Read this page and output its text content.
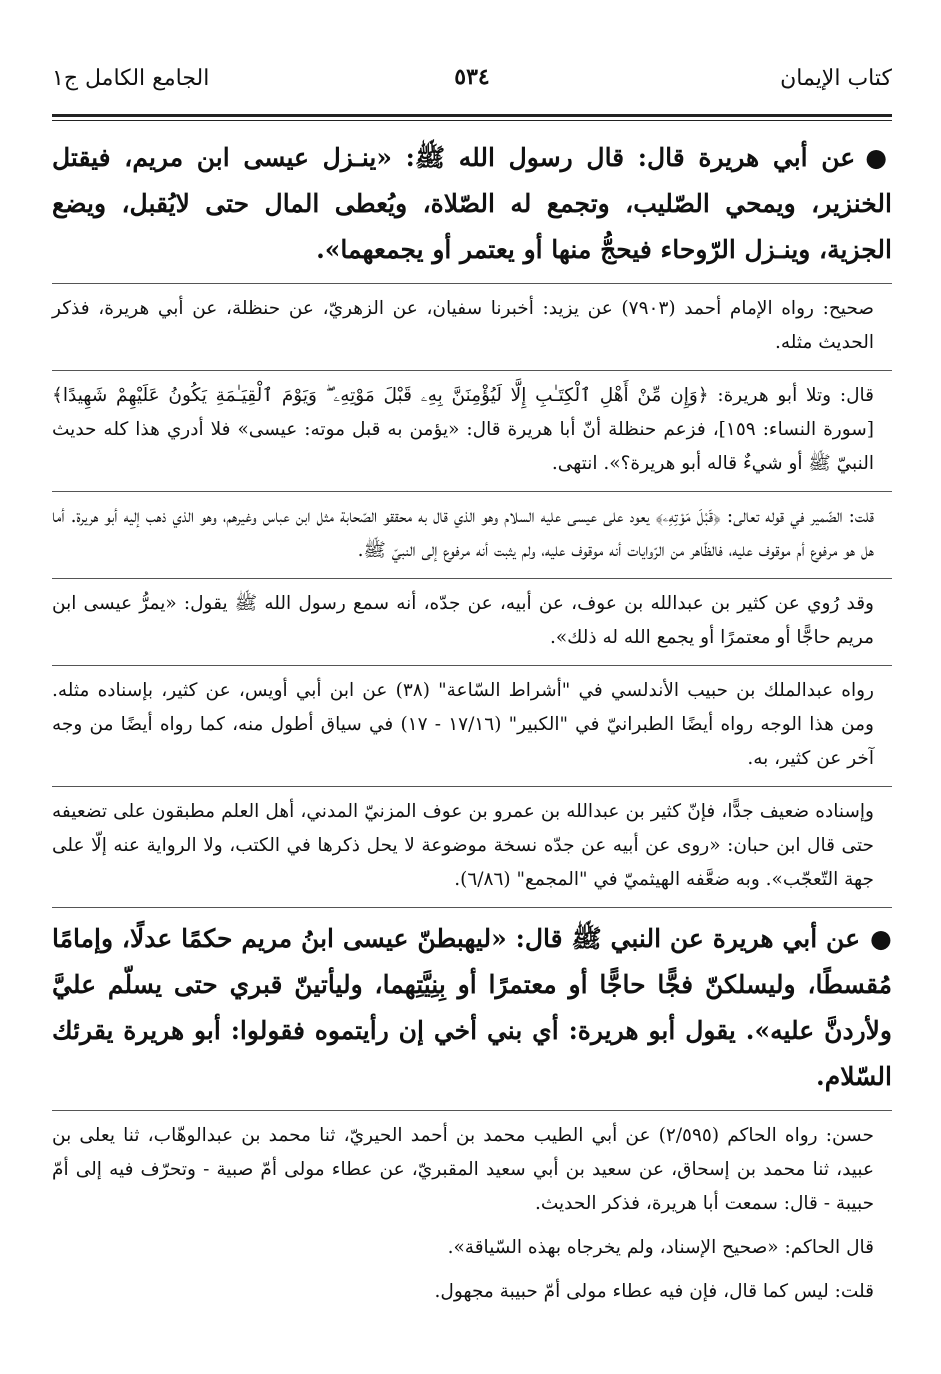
كتاب الإيمان
٥٣٤
الجامع الكامل ج١

●عن أبي هريرة قال: قال رسول الله ﷺ: «ينـزل عيسى ابن مريم، فيقتل الخنزير، ويمحي الصّليب، وتجمع له الصّلاة، ويُعطى المال حتى لايُقبل، ويضع الجزية، وينـزل الرّوحاء فيحجُّ منها أو يعتمر أو يجمعهما».

صحيح: رواه الإمام أحمد (٧٩٠٣) عن يزيد: أخبرنا سفيان، عن الزهريّ، عن حنظلة، عن أبي هريرة، فذكر الحديث مثله.

قال: وتلا أبو هريرة: ﴿وَإِن مِّنْ أَهْلِ ٱلْكِتَـٰبِ إِلَّا لَيُؤْمِنَنَّ بِهِۦ قَبْلَ مَوْتِهِۦ ۖ وَيَوْمَ ٱلْقِيَـٰمَةِ يَكُونُ عَلَيْهِمْ شَهِيدًا﴾ [سورة النساء: ١٥٩]، فزعم حنظلة أنّ أبا هريرة قال: «يؤمن به قبل موته: عيسى» فلا أدري هذا كله حديث النبيّ ﷺ أو شيءٌ قاله أبو هريرة؟». انتهى.

قلت: الضّمير في قوله تعالى: ﴿قَبْلَ مَوْتِهِۦ﴾ يعود على عيسى عليه السلام وهو الذي قال به محققو الصّحابة مثل ابن عباس وغيرهم، وهو الذي ذهب إليه أبو هريرة. أما هل هو مرفوع أم موقوف عليه، فالظّاهر من الرّوايات أنه موقوف عليه، ولم يثبت أنه مرفوع إلى النبيّ ﷺ.

وقد رُوي عن كثير بن عبدالله بن عوف، عن أبيه، عن جدّه، أنه سمع رسول الله ﷺ يقول: «يمرُّ عيسى ابن مريم حاجًّا أو معتمرًا أو يجمع الله له ذلك».

رواه عبدالملك بن حبيب الأندلسي في "أشراط السّاعة" (٣٨) عن ابن أبي أويس، عن كثير، بإسناده مثله. ومن هذا الوجه رواه أيضًا الطبرانيّ في "الكبير" (١٧/١٦ - ١٧) في سياق أطول منه، كما رواه أيضًا من وجه آخر عن كثير، به.

وإسناده ضعيف جدًّا، فإنّ كثير بن عبدالله بن عمرو بن عوف المزنيّ المدني، أهل العلم مطبقون على تضعيفه حتى قال ابن حبان: «روى عن أبيه عن جدّه نسخة موضوعة لا يحل ذكرها في الكتب، ولا الرواية عنه إلّا على جهة التّعجّب». وبه ضعَّفه الهيثميّ في "المجمع" (٦/٨٦).

●عن أبي هريرة عن النبي ﷺ قال: «ليهبطنّ عيسى ابنُ مريم حكمًا عدلًا، وإمامًا مُقسطًا، وليسلكنّ فجًّا حاجًّا أو معتمرًا أو بِنِيَّتِهما، وليأتينّ قبري حتى يسلّم عليَّ ولأردنَّ عليه». يقول أبو هريرة: أي بني أخي إن رأيتموه فقولوا: أبو هريرة يقرئك السّلام.

حسن: رواه الحاكم (٢/٥٩٥) عن أبي الطيب محمد بن أحمد الحيريّ، ثنا محمد بن عبدالوهّاب، ثنا يعلى بن عبيد، ثنا محمد بن إسحاق، عن سعيد بن أبي سعيد المقبريّ، عن عطاء مولى أمّ صبية - وتحرّف فيه إلى أمّ حبيبة - قال: سمعت أبا هريرة، فذكر الحديث.

قال الحاكم: «صحيح الإسناد، ولم يخرجاه بهذه السّياقة».

قلت: ليس كما قال، فإن فيه عطاء مولى أمّ حبيبة مجهول.
